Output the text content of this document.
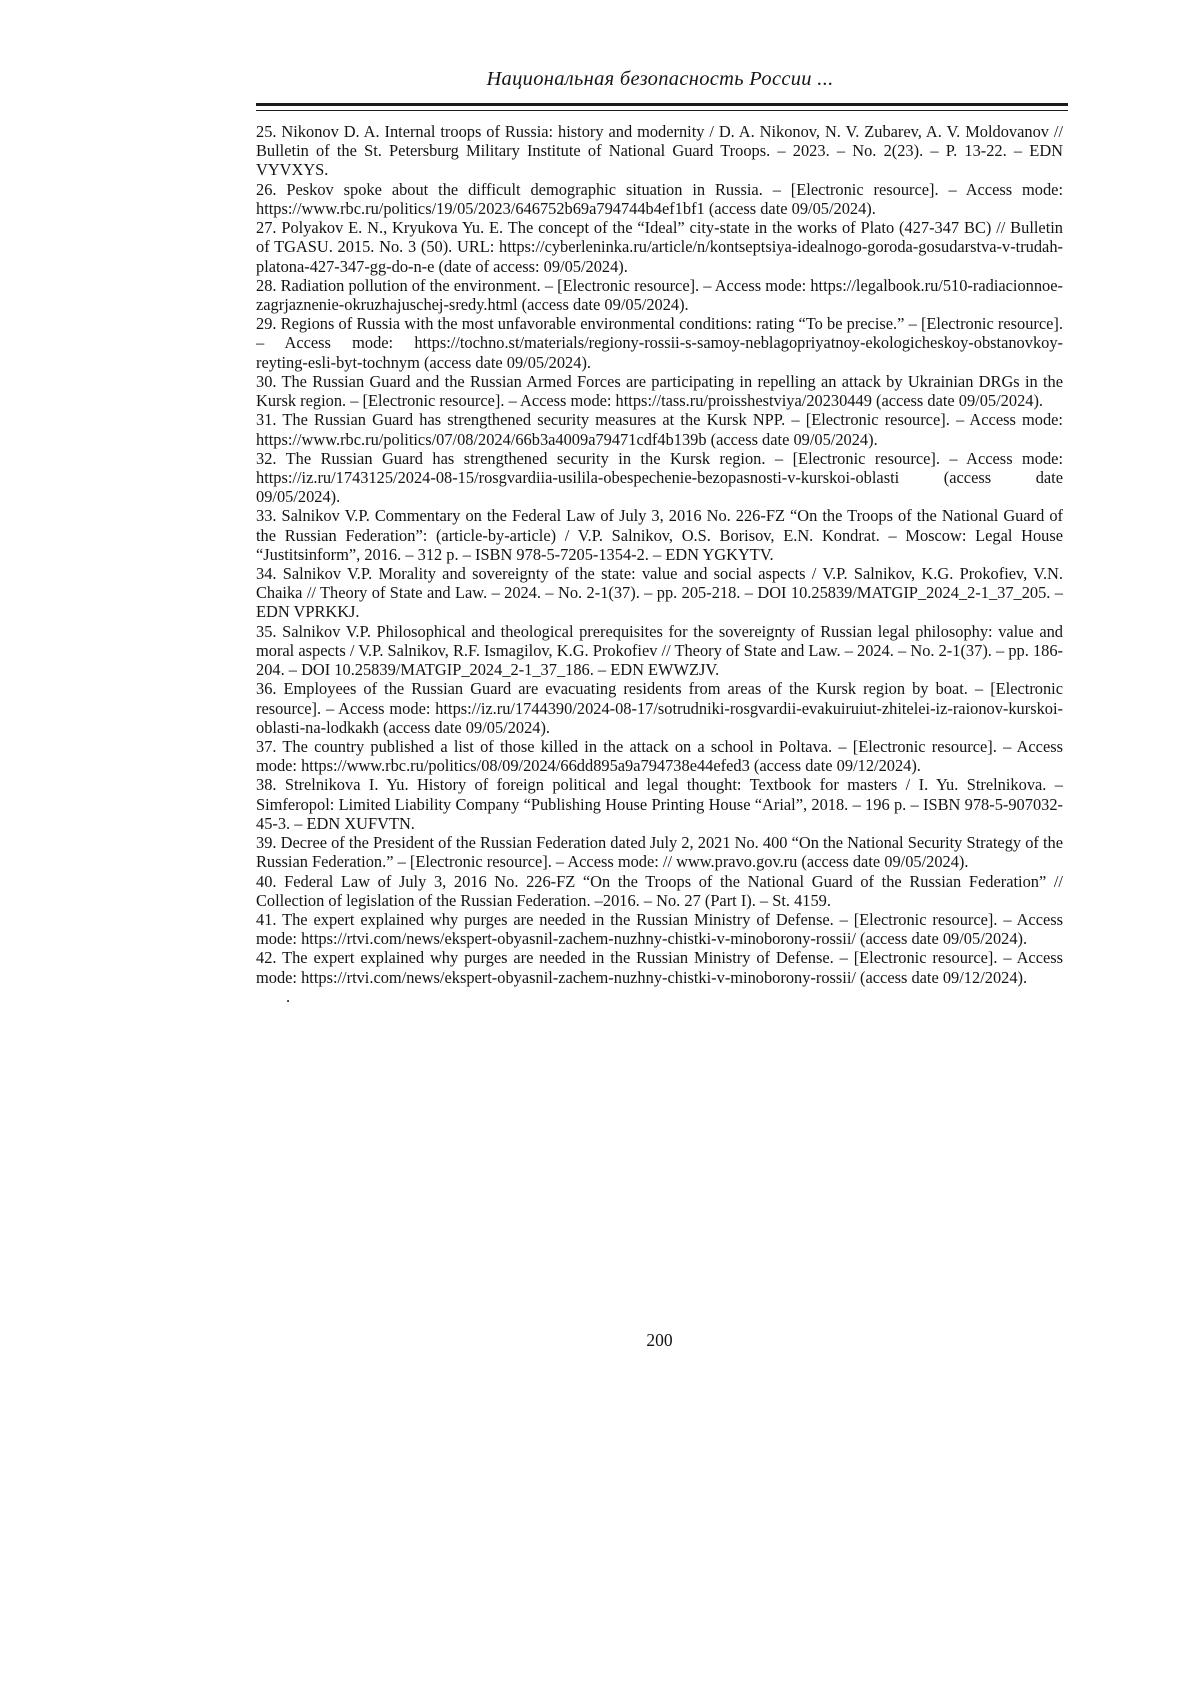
Национальная безопасность России ...

25. Nikonov D. A. Internal troops of Russia: history and modernity / D. A. Nikonov, N. V. Zubarev, A. V. Moldovanov // Bulletin of the St. Petersburg Military Institute of National Guard Troops. – 2023. – No. 2(23). – P. 13-22. – EDN VYVXYS.

26. Peskov spoke about the difficult demographic situation in Russia. – [Electronic resource]. – Access mode: https://www.rbc.ru/politics/19/05/2023/646752b69a794744b4ef1bf1 (access date 09/05/2024).

27. Polyakov E. N., Kryukova Yu. E. The concept of the “Ideal” city-state in the works of Plato (427-347 BC) // Bulletin of TGASU. 2015. No. 3 (50). URL: https://cyberleninka.ru/article/n/kontseptsiya-idealnogo-goroda-gosudarstva-v-trudah-platona-427-347-gg-do-n-e (date of access: 09/05/2024).

28. Radiation pollution of the environment. – [Electronic resource]. – Access mode: https://legalbook.ru/510-radiacionnoe-zagrjaznenie-okruzhajuschej-sredy.html (access date 09/05/2024).

29. Regions of Russia with the most unfavorable environmental conditions: rating “To be precise.” – [Electronic resource]. – Access mode: https://tochno.st/materials/regiony-rossii-s-samoy-neblagopriyatnoy-ekologicheskoy-obstanovkoy-reyting-esli-byt-tochnym (access date 09/05/2024).

30. The Russian Guard and the Russian Armed Forces are participating in repelling an attack by Ukrainian DRGs in the Kursk region. – [Electronic resource]. – Access mode: https://tass.ru/proisshestviya/20230449 (access date 09/05/2024).

31. The Russian Guard has strengthened security measures at the Kursk NPP. – [Electronic resource]. – Access mode: https://www.rbc.ru/politics/07/08/2024/66b3a4009a79471cdf4b139b (access date 09/05/2024).

32. The Russian Guard has strengthened security in the Kursk region. – [Electronic resource]. – Access mode: https://iz.ru/1743125/2024-08-15/rosgvardiia-usilila-obespechenie-bezopasnosti-v-kurskoi-oblasti (access date 09/05/2024).

33. Salnikov V.P. Commentary on the Federal Law of July 3, 2016 No. 226-FZ “On the Troops of the National Guard of the Russian Federation”: (article-by-article) / V.P. Salnikov, O.S. Borisov, E.N. Kondrat. – Moscow: Legal House “Justitsinform”, 2016. – 312 p. – ISBN 978-5-7205-1354-2. – EDN YGKYTV.

34. Salnikov V.P. Morality and sovereignty of the state: value and social aspects / V.P. Salnikov, K.G. Prokofiev, V.N. Chaika // Theory of State and Law. – 2024. – No. 2-1(37). – pp. 205-218. – DOI 10.25839/MATGIP_2024_2-1_37_205. – EDN VPRKKJ.

35. Salnikov V.P. Philosophical and theological prerequisites for the sovereignty of Russian legal philosophy: value and moral aspects / V.P. Salnikov, R.F. Ismagilov, K.G. Prokofiev // Theory of State and Law. – 2024. – No. 2-1(37). – pp. 186-204. – DOI 10.25839/MATGIP_2024_2-1_37_186. – EDN EWWZJV.

36. Employees of the Russian Guard are evacuating residents from areas of the Kursk region by boat. – [Electronic resource]. – Access mode: https://iz.ru/1744390/2024-08-17/sotrudniki-rosgvardii-evakuiruiut-zhitelei-iz-raionov-kurskoi-oblasti-na-lodkakh (access date 09/05/2024).

37. The country published a list of those killed in the attack on a school in Poltava. – [Electronic resource]. – Access mode: https://www.rbc.ru/politics/08/09/2024/66dd895a9a794738e44efed3 (access date 09/12/2024).

38. Strelnikova I. Yu. History of foreign political and legal thought: Textbook for masters / I. Yu. Strelnikova. – Simferopol: Limited Liability Company “Publishing House Printing House “Arial”, 2018. – 196 p. – ISBN 978-5-907032-45-3. – EDN XUFVTN.

39. Decree of the President of the Russian Federation dated July 2, 2021 No. 400 “On the National Security Strategy of the Russian Federation.” – [Electronic resource]. – Access mode: // www.pravo.gov.ru (access date 09/05/2024).

40. Federal Law of July 3, 2016 No. 226-FZ “On the Troops of the National Guard of the Russian Federation” // Collection of legislation of the Russian Federation. –2016. – No. 27 (Part I). – St. 4159.

41. The expert explained why purges are needed in the Russian Ministry of Defense. – [Electronic resource]. – Access mode: https://rtvi.com/news/ekspert-obyasnil-zachem-nuzhny-chistki-v-minoborony-rossii/ (access date 09/05/2024).

42. The expert explained why purges are needed in the Russian Ministry of Defense. – [Electronic resource]. – Access mode: https://rtvi.com/news/ekspert-obyasnil-zachem-nuzhny-chistki-v-minoborony-rossii/ (access date 09/12/2024).

.

200
